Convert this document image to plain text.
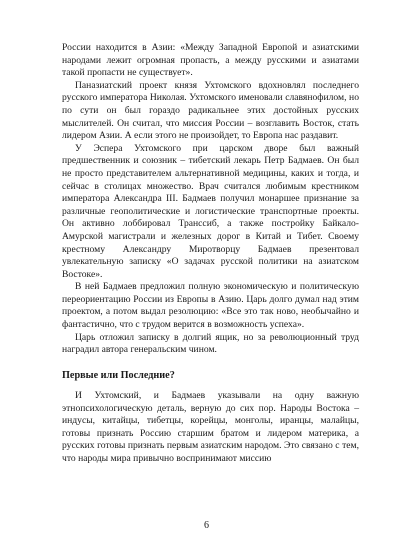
России находится в Азии: «Между Западной Европой и азиатскими народами лежит огромная пропасть, а между русскими и азиатами такой пропасти не существует».

Паназиатский проект князя Ухтомского вдохновлял последнего русского императора Николая. Ухтомского именовали славянофилом, но по сути он был гораздо радикальнее этих достойных русских мыслителей. Он считал, что миссия России – возглавить Восток, стать лидером Азии. А если этого не произойдет, то Европа нас раздавит.

У Эспера Ухтомского при царском дворе был важный предшественник и союзник – тибетский лекарь Петр Бадмаев. Он был не просто представителем альтернативной медицины, каких и тогда, и сейчас в столицах множество. Врач считался любимым крестником императора Александра III. Бадмаев получил монаршее признание за различные геополитические и логистические транспортные проекты. Он активно лоббировал Транссиб, а также постройку Байкало-Амурской магистрали и железных дорог в Китай и Тибет. Своему крестному Александру Миротворцу Бадмаев презентовал увлекательную записку «О задачах русской политики на азиатском Востоке».

В ней Бадмаев предложил полную экономическую и политическую переориентацию России из Европы в Азию. Царь долго думал над этим проектом, а потом выдал резолюцию: «Все это так ново, необычайно и фантастично, что с трудом верится в возможность успеха».

Царь отложил записку в долгий ящик, но за революционный труд наградил автора генеральским чином.

Первые или Последние?

И Ухтомский, и Бадмаев указывали на одну важную этнопсихологическую деталь, верную до сих пор. Народы Востока – индусы, китайцы, тибетцы, корейцы, монголы, иранцы, малайцы, готовы признать Россию старшим братом и лидером материка, а русских готовы признать первым азиатским народом. Это связано с тем, что народы мира привычно воспринимают миссию

6
